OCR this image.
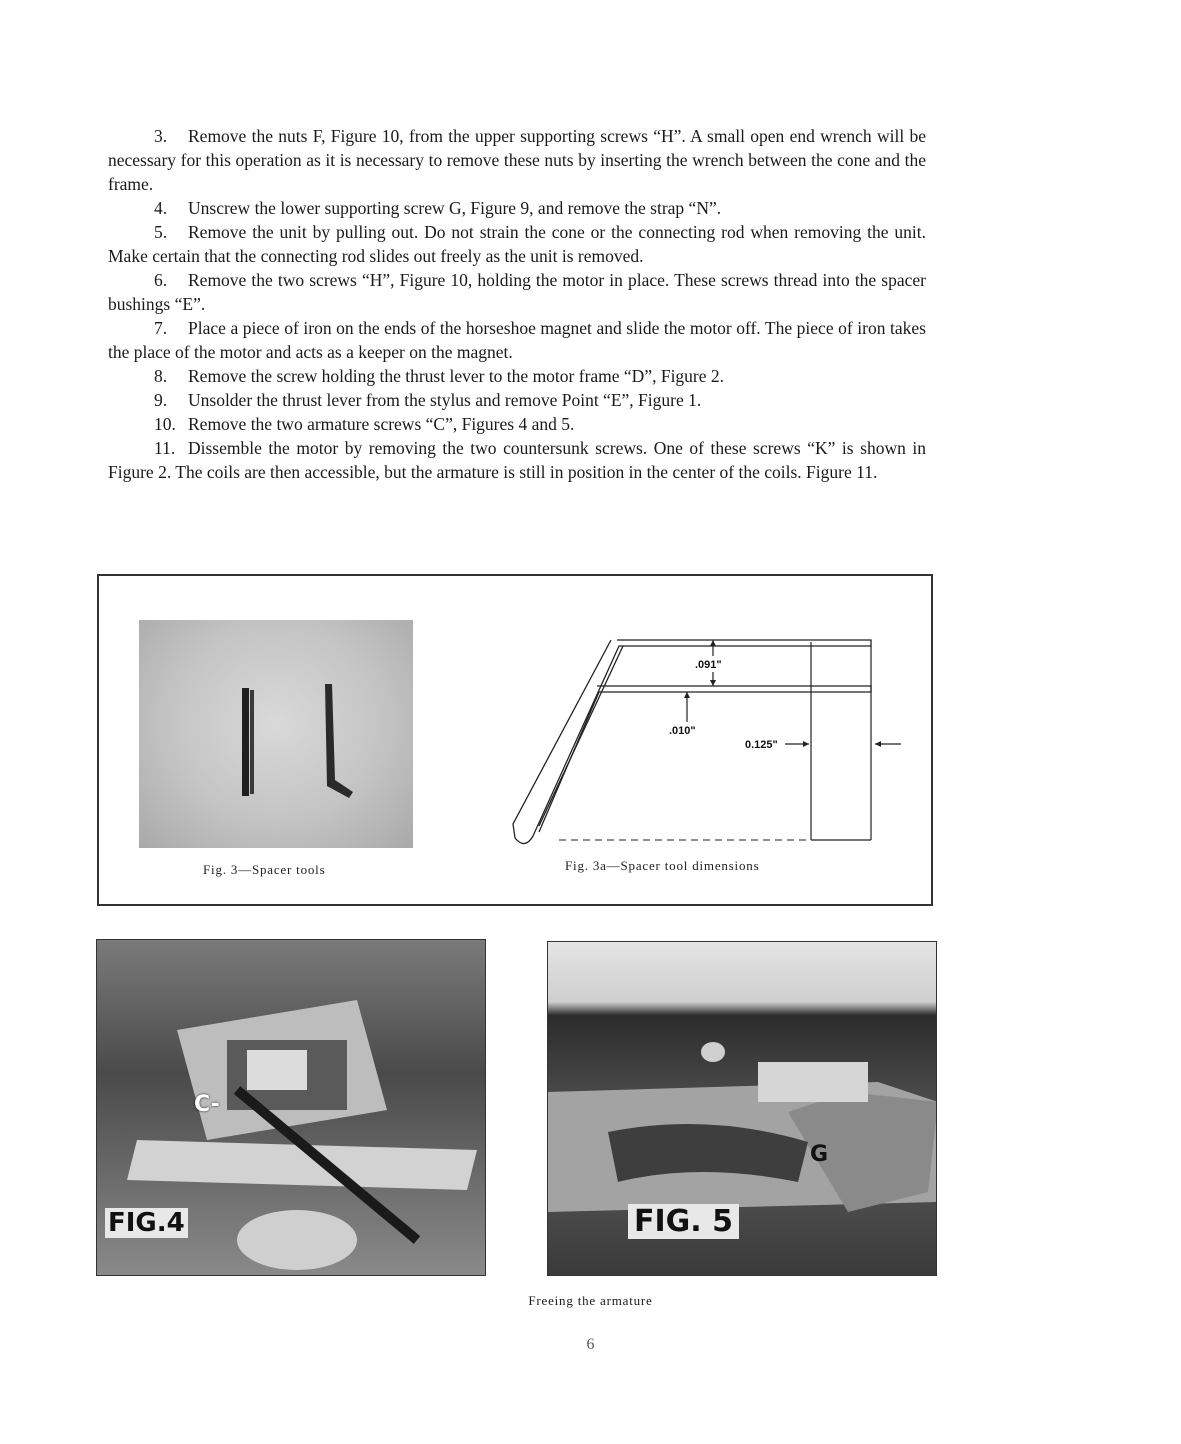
3. Remove the nuts F, Figure 10, from the upper supporting screws “H”. A small open end wrench will be necessary for this operation as it is necessary to remove these nuts by inserting the wrench between the cone and the frame.

4. Unscrew the lower supporting screw G, Figure 9, and remove the strap “N”.

5. Remove the unit by pulling out. Do not strain the cone or the connecting rod when removing the unit. Make certain that the connecting rod slides out freely as the unit is removed.

6. Remove the two screws “H”, Figure 10, holding the motor in place. These screws thread into the spacer bushings “E”.

7. Place a piece of iron on the ends of the horseshoe magnet and slide the motor off. The piece of iron takes the place of the motor and acts as a keeper on the magnet.

8. Remove the screw holding the thrust lever to the motor frame “D”, Figure 2.

9. Unsolder the thrust lever from the stylus and remove Point “E”, Figure 1.

10. Remove the two armature screws “C”, Figures 4 and 5.

11. Dissemble the motor by removing the two countersunk screws. One of these screws “K” is shown in Figure 2. The coils are then accessible, but the armature is still in position in the center of the coils. Figure 11.

Fig. 3—Spacer tools
.091"
.010"
0.125"
Fig. 3a—Spacer tool dimensions
C-
FIG.4
G
FIG. 5
Freeing the armature
6
